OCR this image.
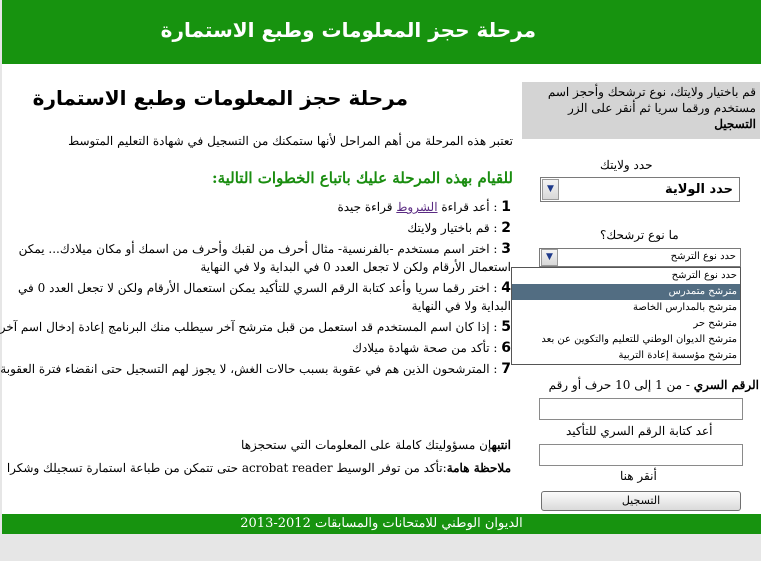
مرحلة حجز المعلومات وطبع الاستمارة
مرحلة حجز المعلومات وطبع الاستمارة
تعتبر هذه المرحلة من أهم المراحل لأنها ستمكنك من التسجيل في شهادة التعليم المتوسط
للقيام بهذه المرحلة عليك باتباع الخطوات التالية:
1 : أعد قراءة الشروط قراءة جيدة
2 : قم باختيار ولايتك
3 : اختر اسم مستخدم -بالفرنسية- مثال أحرف من لقبك وأحرف من اسمك أو مكان ميلادك... يمكن استعمال الأرقام ولكن لا تجعل العدد 0 في البداية ولا في النهاية
4 : اختر رقما سريا وأعد كتابة الرقم السري للتأكيد يمكن استعمال الأرقام ولكن لا تجعل العدد 0 في البداية ولا في النهاية
5 : إذا كان اسم المستخدم قد استعمل من قبل مترشح آخر سيطلب منك البرنامج إعادة إدخال اسم آخر
6 : تأكد من صحة شهادة ميلادك
7 : المترشحون الذين هم في عقوبة بسبب حالات الغش، لا يجوز لهم التسجيل حتى انقضاء فترة العقوبة
انتبهإن مسؤوليتك كاملة على المعلومات التي ستحجزها
ملاحظة هامة:تأكد من توفر الوسيط acrobat reader حتى تتمكن من طباعة استمارة تسجيلك وشكرا
قم باختيار ولايتك، نوع ترشحك وأحجز اسم مستخدم ورقما سريا ثم أنقر على الزر
التسجيل
حدد ولايتك
حدد الولاية
▼
ما نوع ترشحك؟
حدد نوع الترشح
▼
حدد نوع الترشح
مترشح متمدرس
مترشح بالمدارس الخاصة
مترشح حر
مترشح الديوان الوطني للتعليم والتكوين عن بعد
مترشح مؤسسة إعادة التربية
الرقم السري - من 1 إلى 10 حرف أو رقم
أعد كتابة الرقم السري للتأكيد
أنقر هنا
التسجيل
الديوان الوطني للامتحانات والمسابقات 2012-2013
